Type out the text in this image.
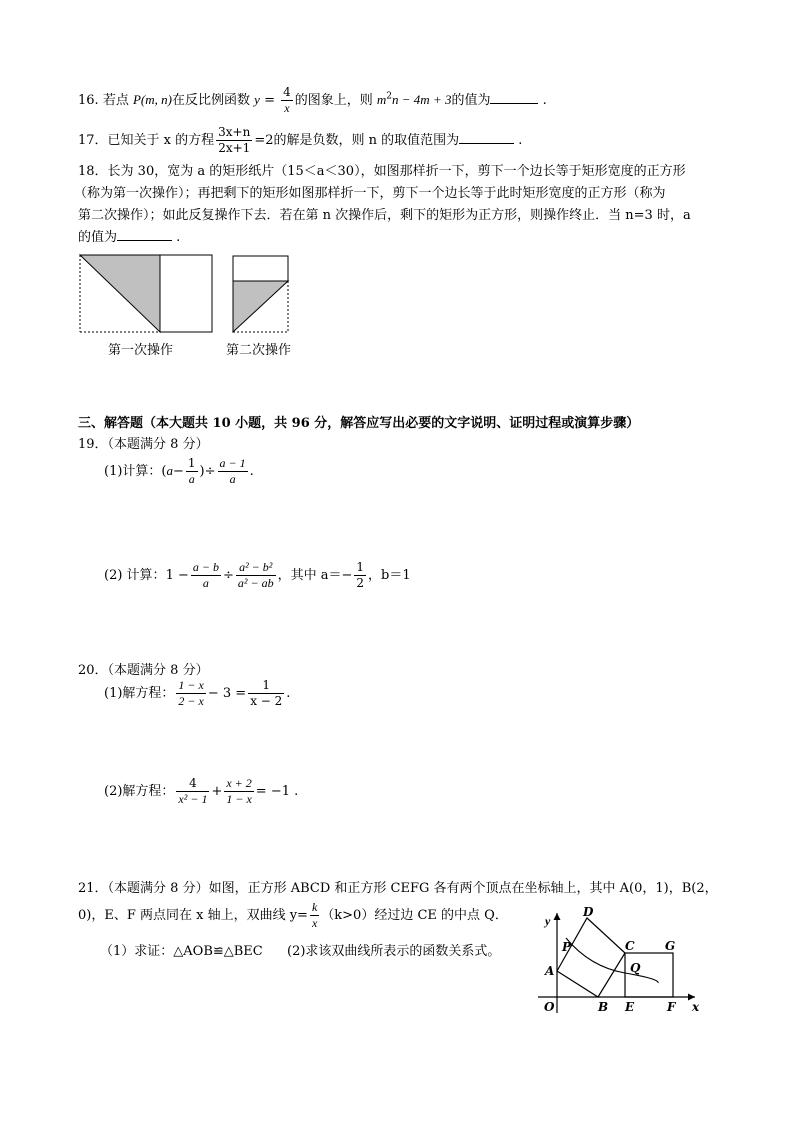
16. 若点 P(m, n)在反比例函数 $y = \frac{4}{x}$ 的图象上，则 $m^2n - 4m + 3$的值为	.
17．已知关于 x 的方程 $\frac{3x+n}{2x+1} =2$的解是负数，则 n 的取值范围为	.
18．长为 30，宽为 a 的矩形纸片（15＜a＜30），如图那样折一下，剪下一个边长等于矩形宽度的正方形
（称为第一次操作）；再把剩下的矩形如图那样折一下，剪下一个边长等于此时矩形宽度的正方形（称为
第二次操作）；如此反复操作下去．若在第 n 次操作后，剩下的矩形为正方形，则操作终止．当 n=3 时，a
的值为	.
第一次操作	第二次操作
三、解答题（本大题共 10 小题，共 96 分，解答应写出必要的文字说明、证明过程或演算步骤）
19．（本题满分 8 分）
(1)计算：($a- \frac{1}{a}$ )÷ $\frac{a - 1}{a}$ .
(2) 计算：$1 - \frac{a - b}{a} \div \frac{\text{a² − b²}}{\text{a² − ab}}$ ，其中 $a=- \frac{1}{2}$ ，b＝1
20．（本题满分 8 分）
(1)解方程： $\frac{1 - x}{2 - x} - 3 = \frac{1}{x - 2}$ .
(2)解方程： $\frac{4}{\text{x² − 1}} + \frac{x + 2}{1 - x} = -1$ .
21．（本题满分 8 分）如图，正方形 ABCD 和正方形 CEFG 各有两个顶点在坐标轴上，其中 A(0，1)，B(2，
0)，E、F 两点同在 x 轴上，双曲线 $y= \frac{k}{x} (k>0)$经过边 CE 的中点 Q．
（1）求证：△AOB≌△BEC (2)求该双曲线所表示的函数关系式。
y
x
O
A
B
C
D
E	F
G
P
Q
